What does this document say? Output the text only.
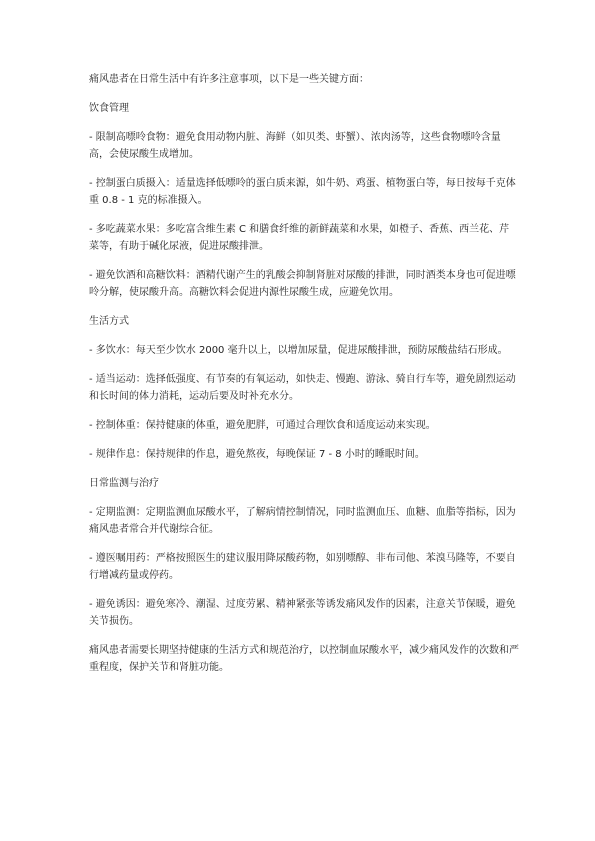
痛风患者在日常生活中有许多注意事项，以下是一些关键方面：

饮食管理

- 限制高嘌呤食物：避免食用动物内脏、海鲜（如贝类、虾蟹）、浓肉汤等，这些食物嘌呤含量高，会使尿酸生成增加。

- 控制蛋白质摄入：适量选择低嘌呤的蛋白质来源，如牛奶、鸡蛋、植物蛋白等，每日按每千克体重 0.8 - 1 克的标准摄入。

- 多吃蔬菜水果：多吃富含维生素 C 和膳食纤维的新鲜蔬菜和水果，如橙子、香蕉、西兰花、芹菜等，有助于碱化尿液，促进尿酸排泄。

- 避免饮酒和高糖饮料：酒精代谢产生的乳酸会抑制肾脏对尿酸的排泄，同时酒类本身也可促进嘌呤分解，使尿酸升高。高糖饮料会促进内源性尿酸生成，应避免饮用。

生活方式

- 多饮水：每天至少饮水 2000 毫升以上，以增加尿量，促进尿酸排泄，预防尿酸盐结石形成。

- 适当运动：选择低强度、有节奏的有氧运动，如快走、慢跑、游泳、骑自行车等，避免剧烈运动和长时间的体力消耗，运动后要及时补充水分。

- 控制体重：保持健康的体重，避免肥胖，可通过合理饮食和适度运动来实现。

- 规律作息：保持规律的作息，避免熬夜，每晚保证 7 - 8 小时的睡眠时间。

日常监测与治疗

- 定期监测：定期监测血尿酸水平，了解病情控制情况，同时监测血压、血糖、血脂等指标，因为痛风患者常合并代谢综合征。

- 遵医嘱用药：严格按照医生的建议服用降尿酸药物，如别嘌醇、非布司他、苯溴马隆等，不要自行增减药量或停药。

- 避免诱因：避免寒冷、潮湿、过度劳累、精神紧张等诱发痛风发作的因素，注意关节保暖，避免关节损伤。

痛风患者需要长期坚持健康的生活方式和规范治疗，以控制血尿酸水平，减少痛风发作的次数和严重程度，保护关节和肾脏功能。
